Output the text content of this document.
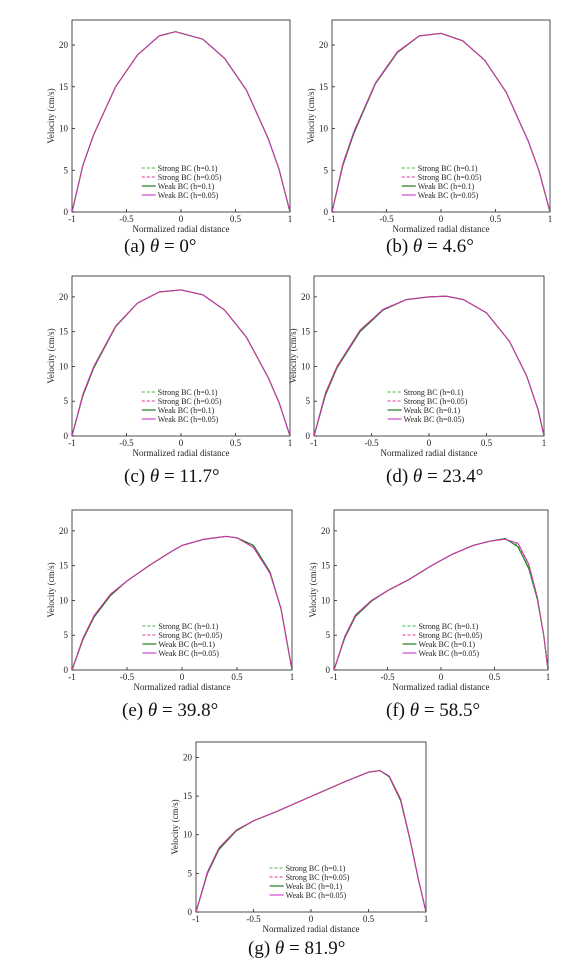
-1	-0.5	0	0.5	1
0
5
10
15
20
Normalized radial distance
Velocity (cm/s)
Strong BC (h=0.1)
Strong BC (h=0.05)
Weak BC (h=0.1)
Weak BC (h=0.05)
(a) θ = 0°
-1	-0.5	0	0.5	1
0
5
10
15
20
Normalized radial distance
Velocity (cm/s)
Strong BC (h=0.1)
Strong BC (h=0.05)
Weak BC (h=0.1)
Weak BC (h=0.05)
(b) θ = 4.6°
-1	-0.5	0	0.5	1
0
5
10
15
20
Normalized radial distance
Velocity (cm/s)
Strong BC (h=0.1)
Strong BC (h=0.05)
Weak BC (h=0.1)
Weak BC (h=0.05)
(c) θ = 11.7°
-1	-0.5	0	0.5	1
0
5
10
15
20
Normalized radial distance
Velocity (cm/s)
Strong BC (h=0.1)
Strong BC (h=0.05)
Weak BC (h=0.1)
Weak BC (h=0.05)
(d) θ = 23.4°
-1	-0.5	0	0.5	1
0
5
10
15
20
Normalized radial distance
Velocity (cm/s)
Strong BC (h=0.1)
Strong BC (h=0.05)
Weak BC (h=0.1)
Weak BC (h=0.05)
(e) θ = 39.8°
-1	-0.5	0	0.5	1
0
5
10
15
20
Normalized radial distance
Velocity (cm/s)
Strong BC (h=0.1)
Strong BC (h=0.05)
Weak BC (h=0.1)
Weak BC (h=0.05)
(f) θ = 58.5°
-1	-0.5	0	0.5	1
0
5
10
15
20
Normalized radial distance
Velocity (cm/s)
Strong BC (h=0.1)
Strong BC (h=0.05)
Weak BC (h=0.1)
Weak BC (h=0.05)
(g) θ = 81.9°
